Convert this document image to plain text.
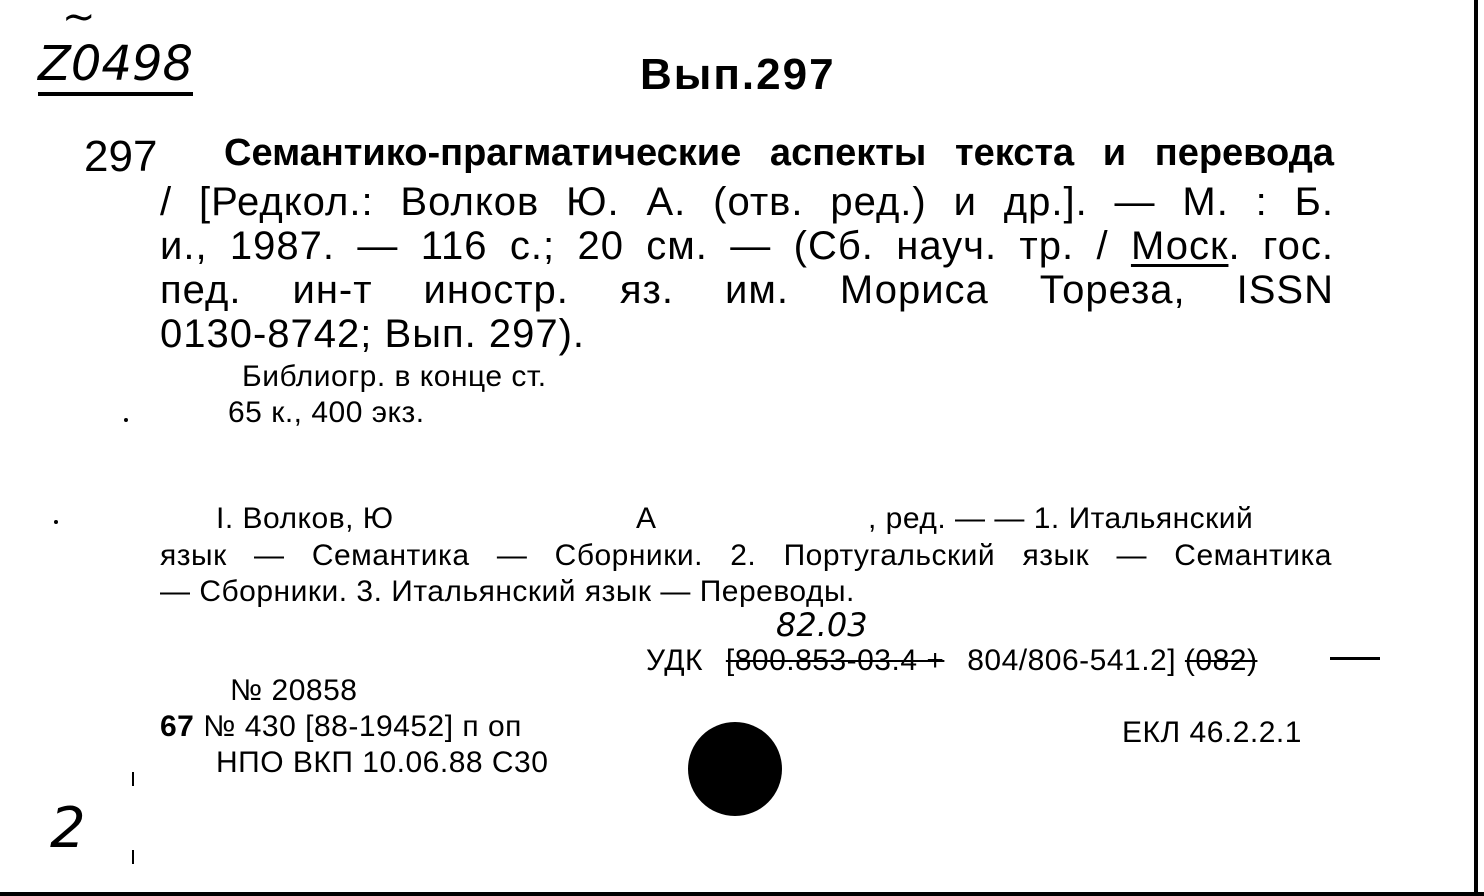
Z0498
~
Вып.297
297 Семантико-прагматические аспекты текста и перевода
/ [Редкол.: Волков Ю. А. (отв. ред.) и др.]. — М. : Б.
и., 1987. — 116 с.; 20 см. — (Сб. науч. тр. / Моск. гос.
пед. ин-т иностр. яз. им. Мориса Тореза, ISSN
0130-8742; Вып. 297).
Библиогр. в конце ст.
65 к., 400 экз.
I. Волков, Ю	А	, ред. — — 1. Итальянский
язык — Семантика — Сборники. 2. Португальский язык — Семантика
— Сборники. 3. Итальянский язык — Переводы.
82.03
УДК [800.853-03.4 + 804/806-541.2] (082)
№ 20858
67 № 430 [88-19452] п оп
НПО ВКП 10.06.88 С30
ЕКЛ 46.2.2.1
2
